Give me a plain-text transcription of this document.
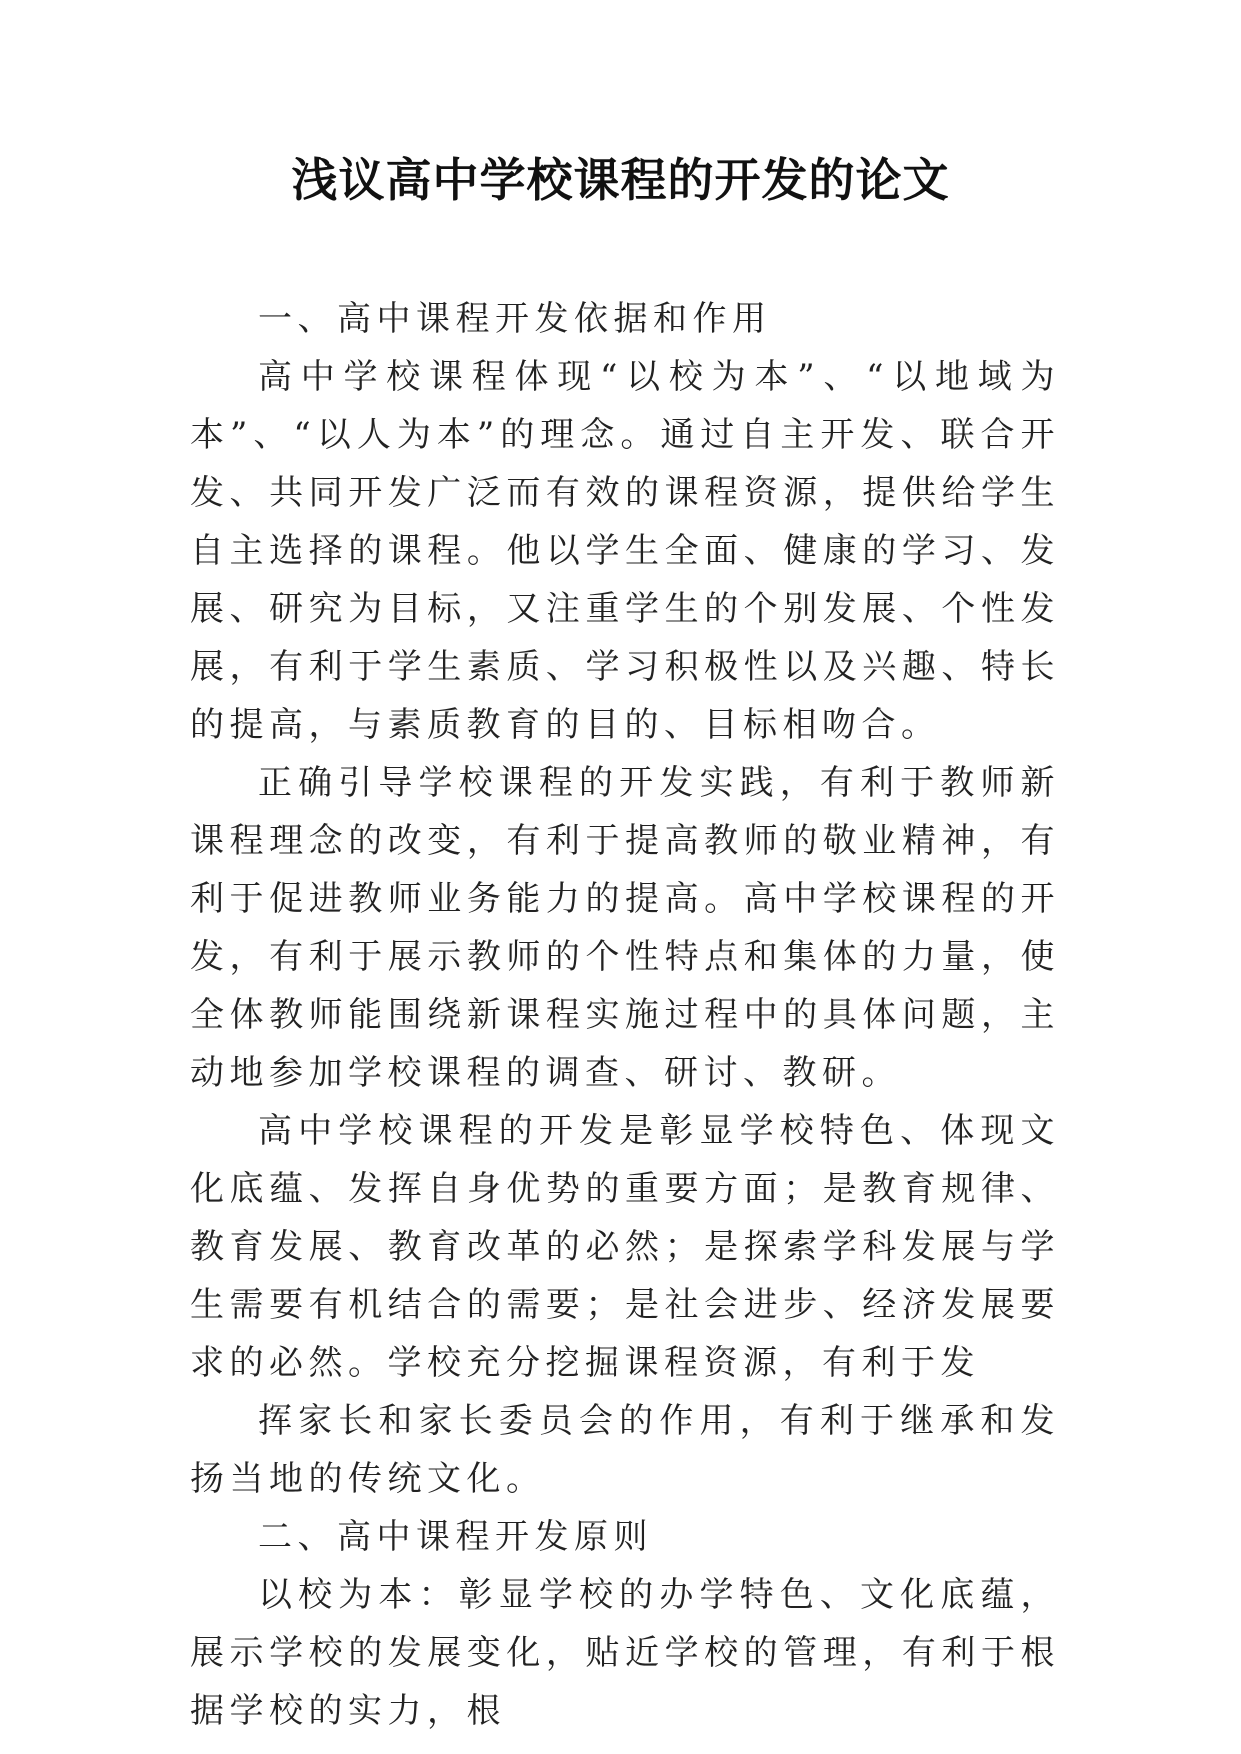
浅议高中学校课程的开发的论文

一、高中课程开发依据和作用

高中学校课程体现“以校为本”、“以地域为本”、“以人为本”的理念。通过自主开发、联合开发、共同开发广泛而有效的课程资源，提供给学生自主选择的课程。他以学生全面、健康的学习、发展、研究为目标，又注重学生的个别发展、个性发展，有利于学生素质、学习积极性以及兴趣、特长的提高，与素质教育的目的、目标相吻合。

正确引导学校课程的开发实践，有利于教师新课程理念的改变，有利于提高教师的敬业精神，有利于促进教师业务能力的提高。高中学校课程的开发，有利于展示教师的个性特点和集体的力量，使全体教师能围绕新课程实施过程中的具体问题，主动地参加学校课程的调查、研讨、教研。

高中学校课程的开发是彰显学校特色、体现文化底蕴、发挥自身优势的重要方面；是教育规律、教育发展、教育改革的必然；是探索学科发展与学生需要有机结合的需要；是社会进步、经济发展要求的必然。学校充分挖掘课程资源，有利于发

挥家长和家长委员会的作用，有利于继承和发扬当地的传统文化。

二、高中课程开发原则

以校为本：彰显学校的办学特色、文化底蕴，展示学校的发展变化，贴近学校的管理，有利于根据学校的实力，根
